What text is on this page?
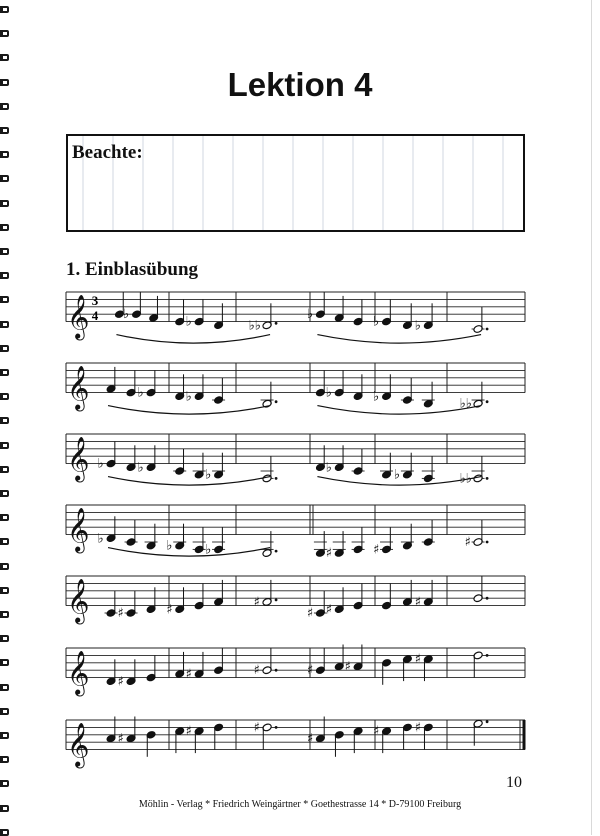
Lektion 4
Beachte:
1. Einblasübung
𝄞	♭	♭	♭♭
♭	♭	♭
𝄞	♭	♭	♭	♭	♭♭
𝄞 ♭	♭	♭	♭	♭	♭♭
𝄞 ♭	♭	♭	♯	♯	♯
𝄞 ♯	♯	♯
♯ ♯	♯
𝄞 ♯	♯	♯	♯ ♯	♯
𝄞 ♯	♯	♯
♯	♯	♯
3
4
10
Möhlin - Verlag * Friedrich Weingärtner * Goethestrasse 14 * D-79100 Freiburg
